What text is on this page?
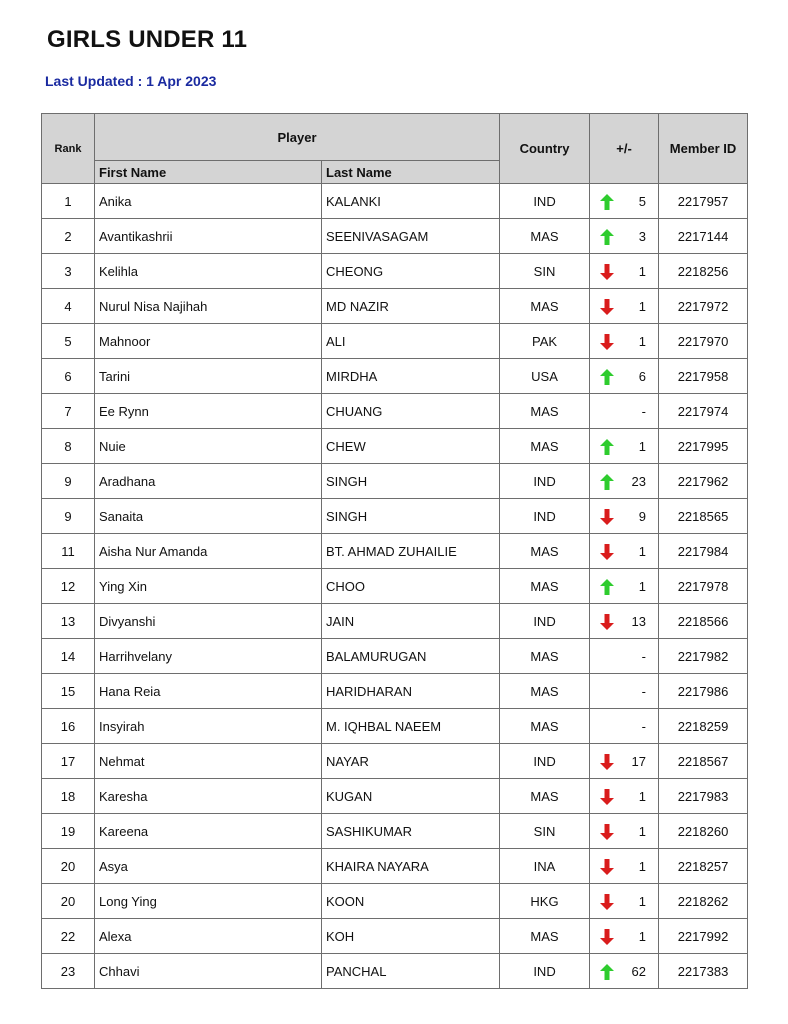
GIRLS UNDER 11
Last Updated : 1 Apr 2023
Rank	Player		Country	+/-	Member ID
	First Name	Last Name			
1	Anika	KALANKI	IND	5	2217957
2	Avantikashrii	SEENIVASAGAM	MAS	3	2217144
3	Kelihla	CHEONG	SIN	1	2218256
4	Nurul Nisa Najihah	MD NAZIR	MAS	1	2217972
5	Mahnoor	ALI	PAK	1	2217970
6	Tarini	MIRDHA	USA	6	2217958
7	Ee Rynn	CHUANG	MAS	-	2217974
8	Nuie	CHEW	MAS	1	2217995
9	Aradhana	SINGH	IND	23	2217962
9	Sanaita	SINGH	IND	9	2218565
11	Aisha Nur Amanda	BT. AHMAD ZUHAILIE	MAS	1	2217984
12	Ying Xin	CHOO	MAS	1	2217978
13	Divyanshi	JAIN	IND	13	2218566
14	Harrihvelany	BALAMURUGAN	MAS	-	2217982
15	Hana Reia	HARIDHARAN	MAS	-	2217986
16	Insyirah	M. IQHBAL NAEEM	MAS	-	2218259
17	Nehmat	NAYAR	IND	17	2218567
18	Karesha	KUGAN	MAS	1	2217983
19	Kareena	SASHIKUMAR	SIN	1	2218260
20	Asya	KHAIRA NAYARA	INA	1	2218257
20	Long Ying	KOON	HKG	1	2218262
22	Alexa	KOH	MAS	1	2217992
23	Chhavi	PANCHAL	IND	62	2217383
